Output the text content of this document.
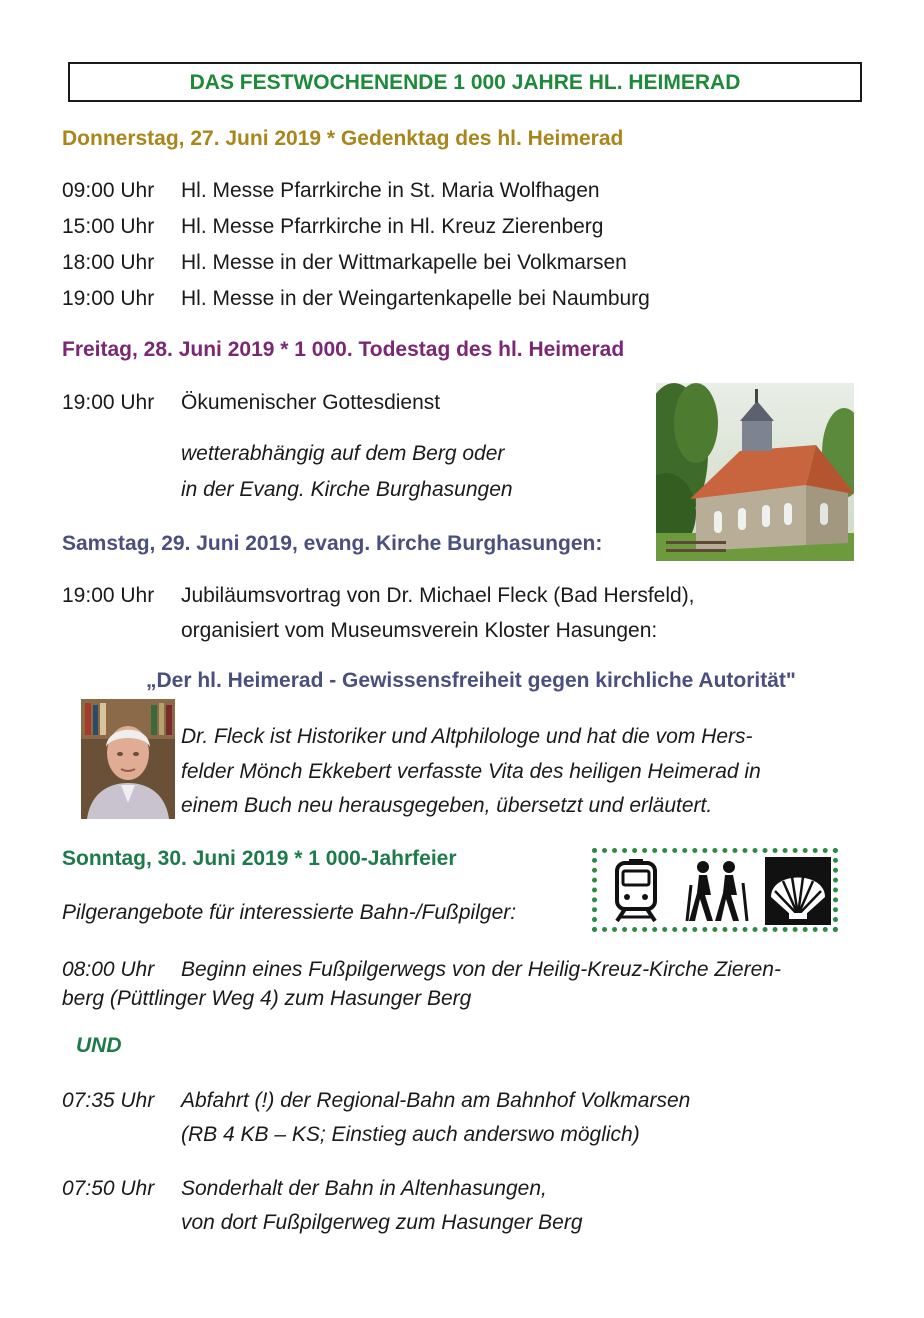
DAS FESTWOCHENENDE 1 000 JAHRE HL. HEIMERAD
Donnerstag, 27. Juni 2019 * Gedenktag des hl. Heimerad
09:00 Uhr Hl. Messe Pfarrkirche in St. Maria Wolfhagen
15:00 Uhr Hl. Messe Pfarrkirche in Hl. Kreuz Zierenberg
18:00 Uhr Hl. Messe in der Wittmarkapelle bei Volkmarsen
19:00 Uhr Hl. Messe in der Weingartenkapelle bei Naumburg
Freitag, 28. Juni 2019 * 1 000. Todestag des hl. Heimerad
19:00 Uhr Ökumenischer Gottesdienst
wetterabhängig auf dem Berg oder
in der Evang. Kirche Burghasungen
Samstag, 29. Juni 2019, evang. Kirche Burghasungen:
19:00 Uhr Jubiläumsvortrag von Dr. Michael Fleck (Bad Hersfeld),
organisiert vom Museumsverein Kloster Hasungen:
„Der hl. Heimerad - Gewissensfreiheit gegen kirchliche Autorität"
Dr. Fleck ist Historiker und Altphilologe und hat die vom Hers-
felder Mönch Ekkebert verfasste Vita des heiligen Heimerad in
einem Buch neu herausgegeben, übersetzt und erläutert.
Sonntag, 30. Juni 2019 * 1 000-Jahrfeier
Pilgerangebote für interessierte Bahn-/Fußpilger:
08:00 Uhr Beginn eines Fußpilgerwegs von der Heilig-Kreuz-Kirche Zieren-
berg (Püttlinger Weg 4) zum Hasunger Berg
UND
07:35 Uhr Abfahrt (!) der Regional-Bahn am Bahnhof Volkmarsen
(RB 4 KB – KS; Einstieg auch anderswo möglich)
07:50 Uhr Sonderhalt der Bahn in Altenhasungen,
von dort Fußpilgerweg zum Hasunger Berg
